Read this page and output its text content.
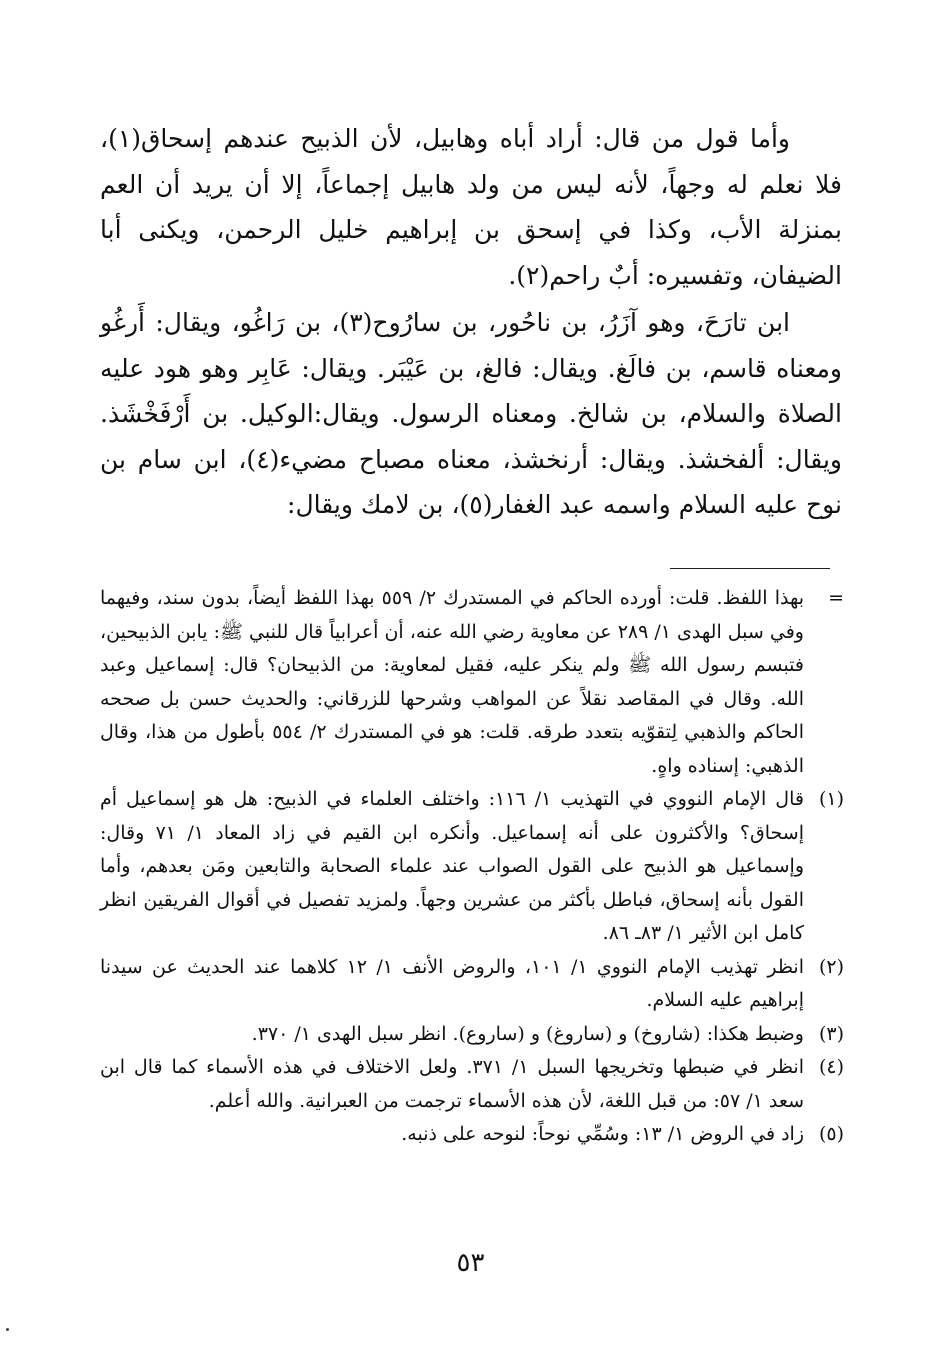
وأما قول من قال: أراد أباه وهابيل، لأن الذبيح عندهم إسحاق(١)، فلا نعلم له وجهاً، لأنه ليس من ولد هابيل إجماعاً، إلا أن يريد أن العم بمنزلة الأب، وكذا في إسحق بن إبراهيم خليل الرحمن، ويكنى أبا الضيفان، وتفسيره: أبٌ راحم(٢).

ابن تارَحَ، وهو آزَرُ، بن ناحُور، بن سارُوح(٣)، بن رَاغُو، ويقال: أَرغُو ومعناه قاسم، بن فالَغ. ويقال: فالغ، بن عَيْبَر. ويقال: عَابِر وهو هود عليه الصلاة والسلام، بن شالخ. ومعناه الرسول. ويقال:الوكيل. بن أَرْفَخْشَذ. ويقال: ألفخشذ. ويقال: أرنخشذ، معناه مصباح مضيء(٤)، ابن سام بن نوح عليه السلام واسمه عبد الغفار(٥)، بن لامك ويقال:

=
بهذا اللفظ. قلت: أورده الحاكم في المستدرك ٢/ ٥٥٩ بهذا اللفظ أيضاً، بدون سند، وفيهما وفي سبل الهدى ١/ ٢٨٩ عن معاوية رضي الله عنه، أن أعرابياً قال للنبي ﷺ: يابن الذبيحين، فتبسم رسول الله ﷺ ولم ينكر عليه، فقيل لمعاوية: من الذبيحان؟ قال: إسماعيل وعبد الله. وقال في المقاصد نقلاً عن المواهب وشرحها للزرقاني: والحديث حسن بل صححه الحاكم والذهبي لِتقوّيه بتعدد طرقه. قلت: هو في المستدرك ٢/ ٥٥٤ بأطول من هذا، وقال الذهبي: إسناده واهٍ.
(١)
قال الإمام النووي في التهذيب ١/ ١١٦: واختلف العلماء في الذبيح: هل هو إسماعيل أم إسحاق؟ والأكثرون على أنه إسماعيل. وأنكره ابن القيم في زاد المعاد ١/ ٧١ وقال: وإسماعيل هو الذبيح على القول الصواب عند علماء الصحابة والتابعين ومَن بعدهم، وأما القول بأنه إسحاق، فباطل بأكثر من عشرين وجهاً. ولمزيد تفصيل في أقوال الفريقين انظر كامل ابن الأثير ١/ ٨٣ـ ٨٦.
(٢)
انظر تهذيب الإمام النووي ١/ ١٠١، والروض الأنف ١/ ١٢ كلاهما عند الحديث عن سيدنا إبراهيم عليه السلام.
(٣)
وضبط هكذا: (شاروخ) و (ساروغ) و (ساروع). انظر سبل الهدى ١/ ٣٧٠.
(٤)
انظر في ضبطها وتخريجها السبل ١/ ٣٧١. ولعل الاختلاف في هذه الأسماء كما قال ابن سعد ١/ ٥٧: من قبل اللغة، لأن هذه الأسماء ترجمت من العبرانية. والله أعلم.
(٥)
زاد في الروض ١/ ١٣: وسُمِّي نوحاً: لنوحه على ذنبه.
٥٣
